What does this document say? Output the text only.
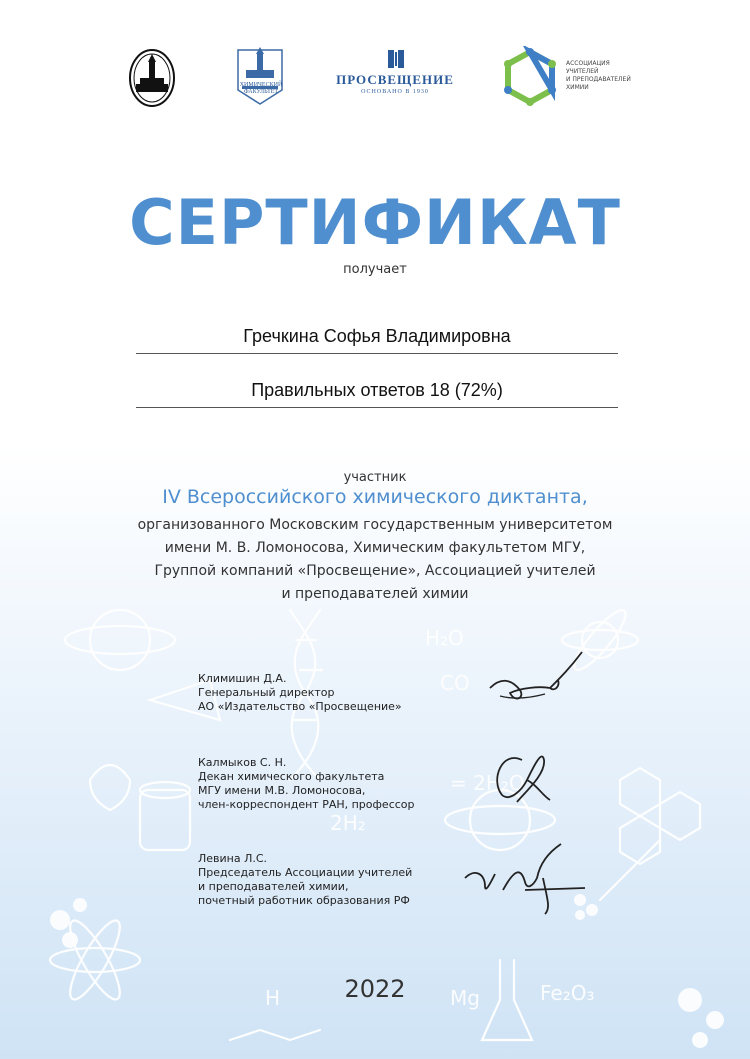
H₂O
CO
Fe₂O₃
Mg
= 2H₂O
2H₂
H
ХИМИЧЕСКИЙ
ФАКУЛЬТЕТ
ПРОСВЕЩЕНИЕ
ОСНОВАНО В 1930
АССОЦИАЦИЯ
УЧИТЕЛЕЙ
И ПРЕПОДАВАТЕЛЕЙ
ХИМИИ
СЕРТИФИКАТ
получает
Гречкина Софья Владимировна
Правильных ответов 18 (72%)
участник
IV Всероссийского химического диктанта,
организованного Московским государственным университетом
имени М. В. Ломоносова, Химическим факультетом МГУ,
Группой компаний «Просвещение», Ассоциацией учителей
и преподавателей химии
Климишин Д.А.
Генеральный директор
АО «Издательство «Просвещение»
Калмыков С. Н.
Декан химического факультета
МГУ имени М.В. Ломоносова,
член-корреспондент РАН, профессор
Левина Л.С.
Председатель Ассоциации учителей
и преподавателей химии,
почетный работник образования РФ
2022
